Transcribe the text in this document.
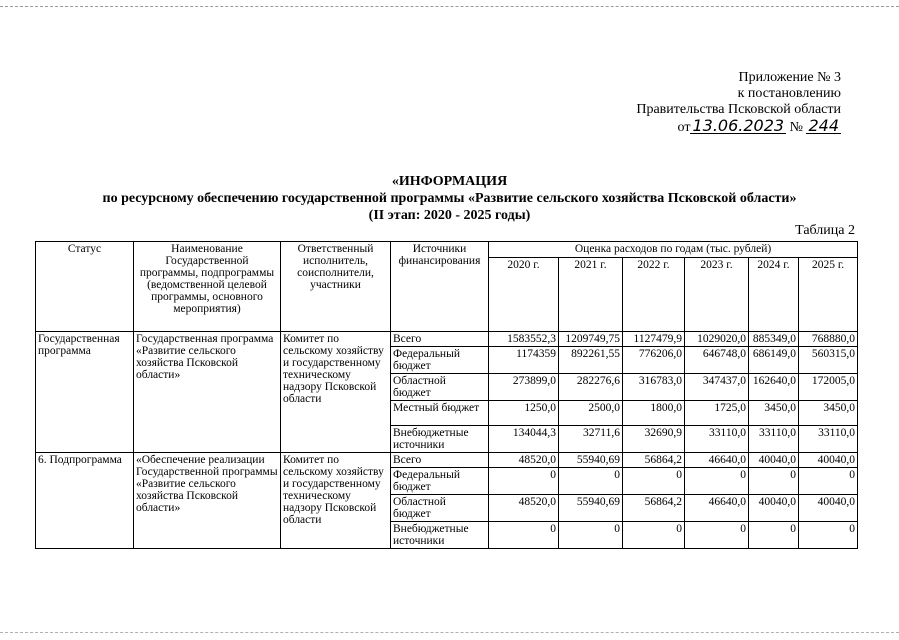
Приложение № 3
к постановлению
Правительства Псковской области
от 13.06.2023 № 244
«ИНФОРМАЦИЯ
по ресурсному обеспечению государственной программы «Развитие сельского хозяйства Псковской области»
(II этап: 2020 - 2025 годы)
Таблица 2
Статус	Наименование Государственной программы, подпрограммы (ведомственной целевой программы, основного мероприятия)	Ответственный исполнитель, соисполнители, участники	Источники финансирования	Оценка расходов по годам (тыс. рублей)					
				2020 г.	2021 г.	2022 г.	2023 г.	2024 г.	2025 г.
Государственная программа	Государственная программа «Развитие сельского хозяйства Псковской области»	Комитет по сельскому хозяйству и государственному техническому надзору Псковской области	Всего	1583552,3	1209749,75	1127479,9	1029020,0	885349,0	768880,0
			Федеральный бюджет	1174359	892261,55	776206,0	646748,0	686149,0	560315,0
			Областной бюджет	273899,0	282276,6	316783,0	347437,0	162640,0	172005,0
			Местный бюджет	1250,0	2500,0	1800,0	1725,0	3450,0	3450,0
			Внебюджетные источники	134044,3	32711,6	32690,9	33110,0	33110,0	33110,0
6. Подпрограмма	«Обеспечение реализации Государственной программы «Развитие сельского хозяйства Псковской области»	Комитет по сельскому хозяйству и государственному техническому надзору Псковской области	Всего	48520,0	55940,69	56864,2	46640,0	40040,0	40040,0
			Федеральный бюджет	0	0	0	0	0	0
			Областной бюджет	48520,0	55940,69	56864,2	46640,0	40040,0	40040,0
			Внебюджетные источники	0	0	0	0	0	0
